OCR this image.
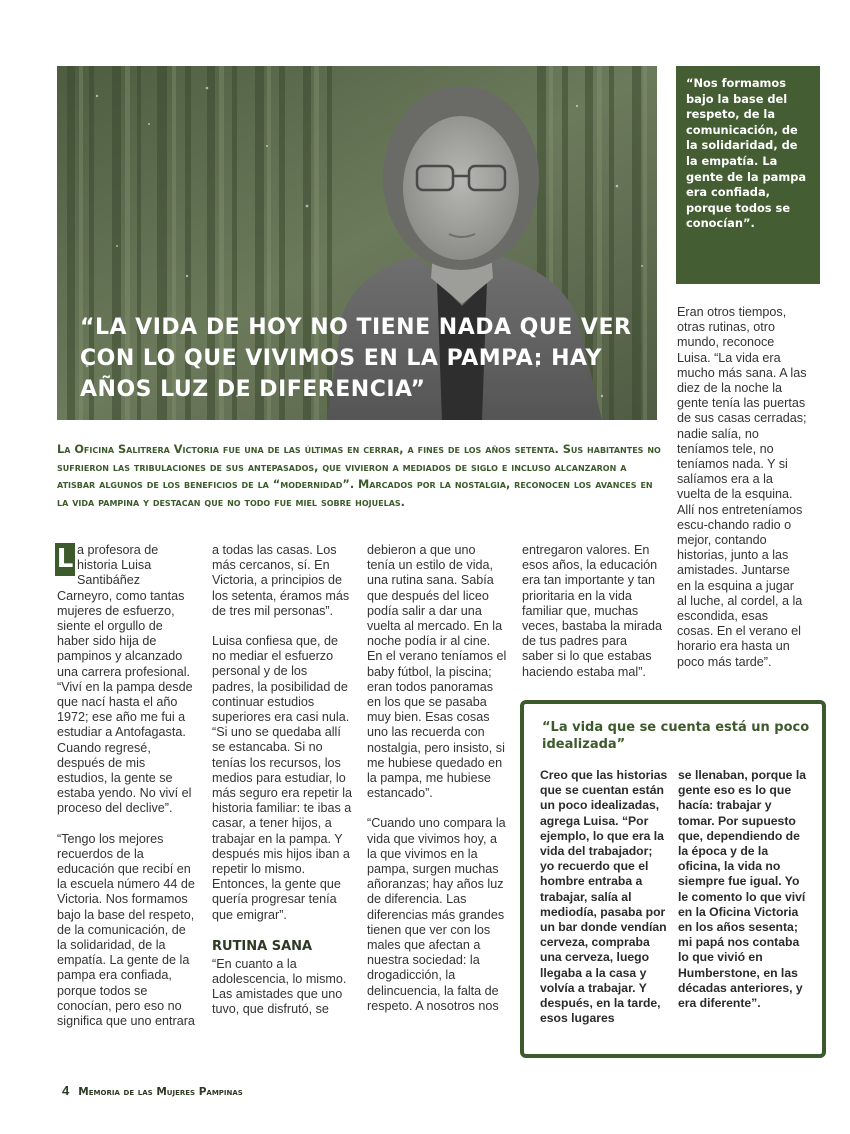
“LA VIDA DE HOY NO TIENE NADA QUE VER CON LO QUE VIVIMOS EN LA PAMPA: HAY AÑOS LUZ DE DIFERENCIA”

“Nos formamos bajo la base del respeto, de la comunicación, de la solidaridad, de la empatía. La gente de la pampa era confiada, porque todos se conocían”.

La Oficina Salitrera Victoria fue una de las últimas en cerrar, a fines de los años setenta. Sus habitantes no sufrieron las tribulaciones de sus antepasados, que vivieron a mediados de siglo e incluso alcanzaron a atisbar algunos de los beneficios de la “modernidad”. Marcados por la nostalgia, reconocen los avances en la vida pampina y destacan que no todo fue miel sobre hojuelas.

L a profesora de historia Luisa Santibáñez Carneyro, como tantas mujeres de esfuerzo, siente el orgullo de haber sido hija de pampinos y alcanzado una carrera profesional. “Viví en la pampa desde que nací hasta el año 1972; ese año me fui a estudiar a Antofagasta. Cuando regresé, después de mis estudios, la gente se estaba yendo. No viví el proceso del declive”.

“Tengo los mejores recuerdos de la educación que recibí en la escuela número 44 de Victoria. Nos formamos bajo la base del respeto, de la comunicación, de la solidaridad, de la empatía. La gente de la pampa era confiada, porque todos se conocían, pero eso no significa que uno entrara

a todas las casas. Los más cercanos, sí. En Victoria, a principios de los setenta, éramos más de tres mil personas”.

Luisa confiesa que, de no mediar el esfuerzo personal y de los padres, la posibilidad de continuar estudios superiores era casi nula. “Si uno se quedaba allí se estancaba. Si no tenías los recursos, los medios para estudiar, lo más seguro era repetir la historia familiar: te ibas a casar, a tener hijos, a trabajar en la pampa. Y después mis hijos iban a repetir lo mismo. Entonces, la gente que quería progresar tenía que emigrar”.

RUTINA SANA

“En cuanto a la adolescencia, lo mismo. Las amistades que uno tuvo, que disfrutó, se

debieron a que uno tenía un estilo de vida, una rutina sana. Sabía que después del liceo podía salir a dar una vuelta al mercado. En la noche podía ir al cine. En el verano teníamos el baby fútbol, la piscina; eran todos panoramas en los que se pasaba muy bien. Esas cosas uno las recuerda con nostalgia, pero insisto, si me hubiese quedado en la pampa, me hubiese estancado”.

“Cuando uno compara la vida que vivimos hoy, a la que vivimos en la pampa, surgen muchas añoranzas; hay años luz de diferencia. Las diferencias más grandes tienen que ver con los males que afectan a nuestra sociedad: la drogadicción, la delincuencia, la falta de respeto. A nosotros nos

entregaron valores. En esos años, la educación era tan importante y tan prioritaria en la vida familiar que, muchas veces, bastaba la mirada de tus padres para saber si lo que estabas haciendo estaba mal”.

Eran otros tiempos, otras rutinas, otro mundo, reconoce Luisa. “La vida era mucho más sana. A las diez de la noche la gente tenía las puertas de sus casas cerradas; nadie salía, no teníamos tele, no teníamos nada. Y si salíamos era a la vuelta de la esquina. Allí nos entreteníamos escu-chando radio o mejor, contando historias, junto a las amistades. Juntarse en la esquina a jugar al luche, al cordel, a la escondida, esas cosas. En el verano el horario era hasta un poco más tarde”.

“La vida que se cuenta está un poco idealizada”

Creo que las historias que se cuentan están un poco idealizadas, agrega Luisa. “Por ejemplo, lo que era la vida del trabajador; yo recuerdo que el hombre entraba a trabajar, salía al mediodía, pasaba por un bar donde vendían cerveza, compraba una cerveza, luego llegaba a la casa y volvía a trabajar. Y después, en la tarde, esos lugares

se llenaban, porque la gente eso es lo que hacía: trabajar y tomar. Por supuesto que, dependiendo de la época y de la oficina, la vida no siempre fue igual. Yo le comento lo que viví en la Oficina Victoria en los años sesenta; mi papá nos contaba lo que vivió en Humberstone, en las décadas anteriores, y era diferente”.

4 Memoria de las Mujeres Pampinas
